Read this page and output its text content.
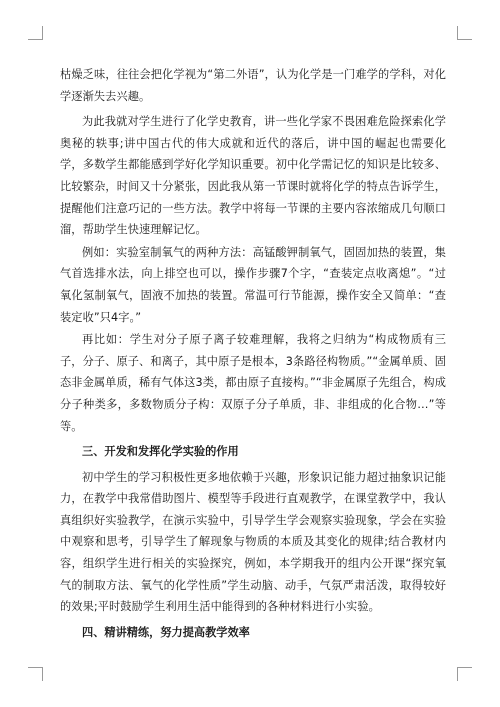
枯燥乏味，往往会把化学视为“第二外语”，认为化学是一门难学的学科，对化学逐渐失去兴趣。

为此我就对学生进行了化学史教育，讲一些化学家不畏困难危险探索化学奥秘的轶事;讲中国古代的伟大成就和近代的落后，讲中国的崛起也需要化学，多数学生都能感到学好化学知识重要。初中化学需记忆的知识是比较多、比较繁杂，时间又十分紧张，因此我从第一节课时就将化学的特点告诉学生，提醒他们注意巧记的一些方法。教学中将每一节课的主要内容浓缩成几句顺口溜，帮助学生快速理解记忆。

例如：实验室制氧气的两种方法：高锰酸钾制氧气，固固加热的装置，集气首选排水法，向上排空也可以，操作步骤7个字，“查装定点收离熄”。“过氧化氢制氧气，固液不加热的装置。常温可行节能源，操作安全又简单：“查装定收”只4字。”

再比如：学生对分子原子离子较难理解，我将之归纳为“构成物质有三子，分子、原子、和离子，其中原子是根本，3条路径构物质。”“金属单质、固态非金属单质，稀有气体这3类，都由原子直接构。”“非金属原子先组合，构成分子种类多，多数物质分子构：双原子分子单质，非、非组成的化合物…”等等。

三、开发和发挥化学实验的作用

初中学生的学习积极性更多地依赖于兴趣，形象识记能力超过抽象识记能力，在教学中我常借助图片、模型等手段进行直观教学，在课堂教学中，我认真组织好实验教学，在演示实验中，引导学生学会观察实验现象，学会在实验中观察和思考，引导学生了解现象与物质的本质及其变化的规律;结合教材内容，组织学生进行相关的实验探究，例如，本学期我开的组内公开课“探究氧气的制取方法、氧气的化学性质”学生动脑、动手，气氛严肃活泼，取得较好的效果;平时鼓励学生利用生活中能得到的各种材料进行小实验。

四、精讲精练，努力提高教学效率
